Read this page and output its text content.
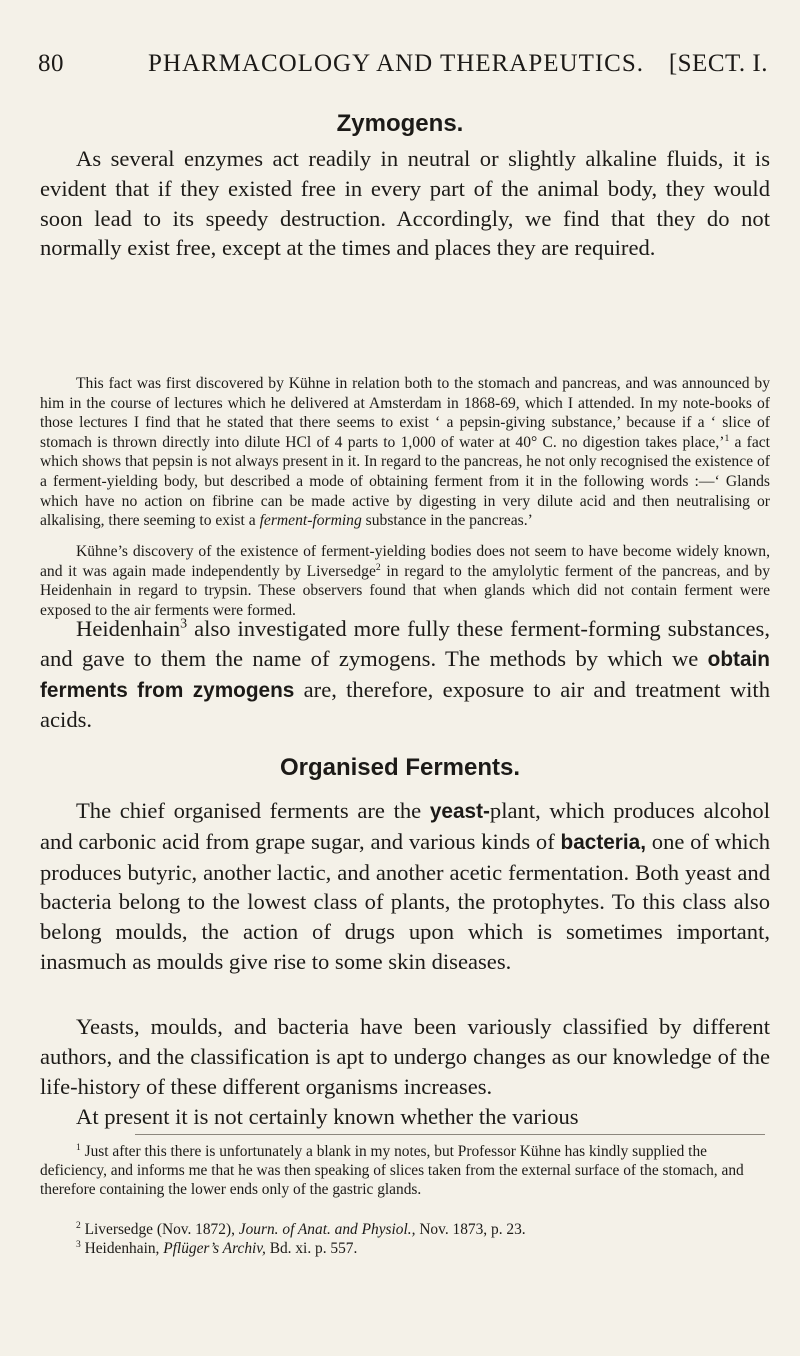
80	PHARMACOLOGY AND THERAPEUTICS. [SECT. I.
Zymogens.

As several enzymes act readily in neutral or slightly alkaline fluids, it is evident that if they existed free in every part of the animal body, they would soon lead to its speedy destruction. Accordingly, we find that they do not normally exist free, except at the times and places they are required.

This fact was first discovered by Kühne in relation both to the stomach and pancreas, and was announced by him in the course of lectures which he delivered at Amsterdam in 1868-69, which I attended. In my note-books of those lectures I find that he stated that there seems to exist ‘ a pepsin-giving substance,’ because if a ‘ slice of stomach is thrown directly into dilute HCl of 4 parts to 1,000 of water at 40° C. no digestion takes place,’$^1$ a fact which shows that pepsin is not always present in it. In regard to the pancreas, he not only recognised the existence of a ferment-yielding body, but described a mode of obtaining ferment from it in the following words :—‘ Glands which have no action on fibrine can be made active by digesting in very dilute acid and then neutralising or alkalising, there seeming to exist a ferment-forming substance in the pancreas.’

Kühne’s discovery of the existence of ferment-yielding bodies does not seem to have become widely known, and it was again made independently by Liversedge$^2$ in regard to the amylolytic ferment of the pancreas, and by Heidenhain in regard to trypsin. These observers found that when glands which did not contain ferment were exposed to the air ferments were formed.

Heidenhain$^3$ also investigated more fully these ferment-forming substances, and gave to them the name of zymogens. The methods by which we obtain ferments from zymogens are, therefore, exposure to air and treatment with acids.

Organised Ferments.

The chief organised ferments are the yeast-plant, which produces alcohol and carbonic acid from grape sugar, and various kinds of bacteria, one of which produces butyric, another lactic, and another acetic fermentation. Both yeast and bacteria belong to the lowest class of plants, the protophytes. To this class also belong moulds, the action of drugs upon which is sometimes important, inasmuch as moulds give rise to some skin diseases.

Yeasts, moulds, and bacteria have been variously classified by different authors, and the classification is apt to undergo changes as our knowledge of the life-history of these different organisms increases.

At present it is not certainly known whether the various

$^1$ Just after this there is unfortunately a blank in my notes, but Professor Kühne has kindly supplied the deficiency, and informs me that he was then speaking of slices taken from the external surface of the stomach, and therefore containing the lower ends only of the gastric glands.

$^2$ Liversedge (Nov. 1872), Journ. of Anat. and Physiol., Nov. 1873, p. 23.

$^3$ Heidenhain, Pflüger’s Archiv, Bd. xi. p. 557.
